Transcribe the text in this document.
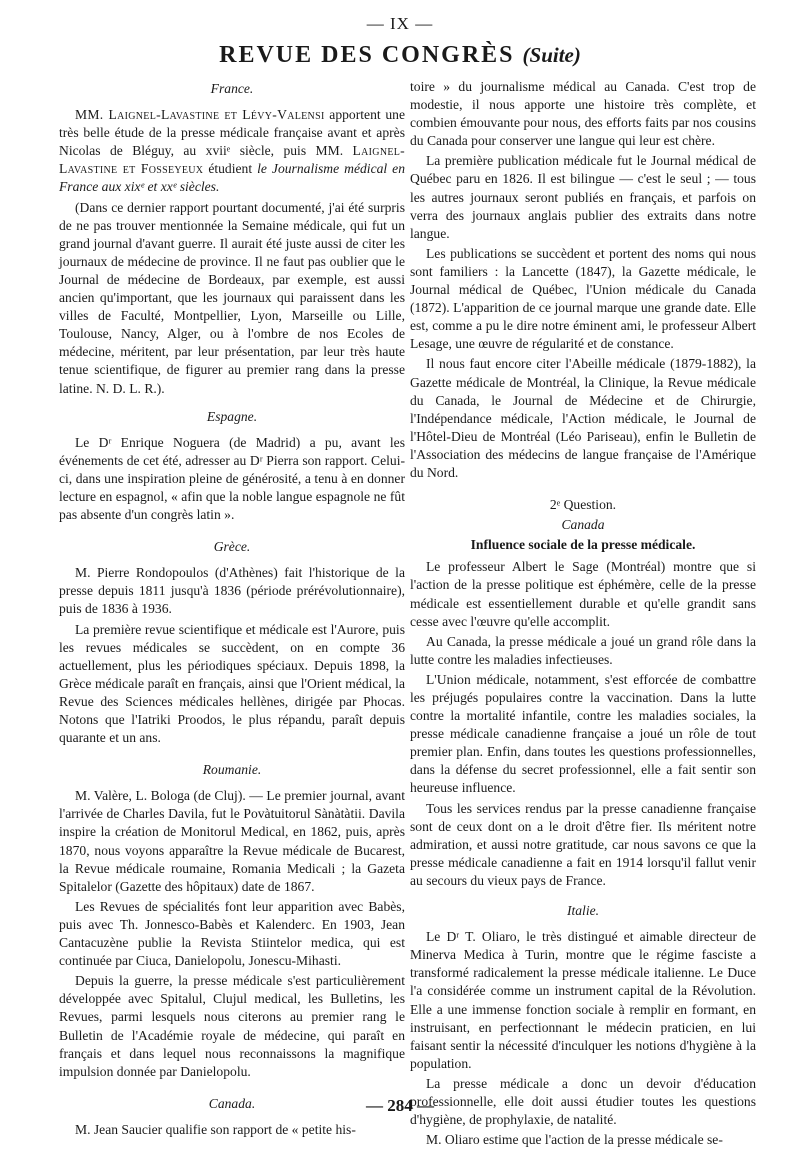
— IX —
REVUE DES CONGRÈS (Suite)
France.

MM. Laignel-Lavastine et Lévy-Valensi apportent une très belle étude de la presse médicale française avant et après Nicolas de Bléguy, au xviiᵉ siècle, puis MM. Laignel-Lavastine et Fosseyeux étudient le Journalisme médical en France aux xixᵉ et xxᵉ siècles.

(Dans ce dernier rapport pourtant documenté, j'ai été surpris de ne pas trouver mentionnée la Semaine médicale, qui fut un grand journal d'avant guerre. Il aurait été juste aussi de citer les journaux de médecine de province. Il ne faut pas oublier que le Journal de médecine de Bordeaux, par exemple, est aussi ancien qu'important, que les journaux qui paraissent dans les villes de Faculté, Montpellier, Lyon, Marseille ou Lille, Toulouse, Nancy, Alger, ou à l'ombre de nos Ecoles de médecine, méritent, par leur présentation, par leur très haute tenue scientifique, de figurer au premier rang dans la presse latine. N. D. L. R.).

Espagne.

Le Dʳ Enrique Noguera (de Madrid) a pu, avant les événements de cet été, adresser au Dʳ Pierra son rapport. Celui-ci, dans une inspiration pleine de générosité, a tenu à en donner lecture en espagnol, « afin que la noble langue espagnole ne fût pas absente d'un congrès latin ».

Grèce.

M. Pierre Rondopoulos (d'Athènes) fait l'historique de la presse depuis 1811 jusqu'à 1836 (période prérévolutionnaire), puis de 1836 à 1936.

La première revue scientifique et médicale est l'Aurore, puis les revues médicales se succèdent, on en compte 36 actuellement, plus les périodiques spéciaux. Depuis 1898, la Grèce médicale paraît en français, ainsi que l'Orient médical, la Revue des Sciences médicales hellènes, dirigée par Phocas. Notons que l'Iatriki Proodos, le plus répandu, paraît depuis quarante et un ans.

Roumanie.

M. Valère, L. Bologa (de Cluj). — Le premier journal, avant l'arrivée de Charles Davila, fut le Povàtuitorul Sànàtàtii. Davila inspire la création de Monitorul Medical, en 1862, puis, après 1870, nous voyons apparaître la Revue médicale de Bucarest, la Revue médicale roumaine, Romania Medicali ; la Gazeta Spitalelor (Gazette des hôpitaux) date de 1867.

Les Revues de spécialités font leur apparition avec Babès, puis avec Th. Jonnesco-Babès et Kalenderc. En 1903, Jean Cantacuzène publie la Revista Stiintelor medica, qui est continuée par Ciuca, Danielopolu, Jonescu-Mihasti.

Depuis la guerre, la presse médicale s'est particulièrement développée avec Spitalul, Clujul medical, les Bulletins, les Revues, parmi lesquels nous citerons au premier rang le Bulletin de l'Académie royale de médecine, qui paraît en français et dans lequel nous reconnaissons la magnifique impulsion donnée par Danielopolu.

Canada.

M. Jean Saucier qualifie son rapport de « petite his-

toire » du journalisme médical au Canada. C'est trop de modestie, il nous apporte une histoire très complète, et combien émouvante pour nous, des efforts faits par nos cousins du Canada pour conserver une langue qui leur est chère.

La première publication médicale fut le Journal médical de Québec paru en 1826. Il est bilingue — c'est le seul ; — tous les autres journaux seront publiés en français, et parfois on verra des journaux anglais publier des extraits dans notre langue.

Les publications se succèdent et portent des noms qui nous sont familiers : la Lancette (1847), la Gazette médicale, le Journal médical de Québec, l'Union médicale du Canada (1872). L'apparition de ce journal marque une grande date. Elle est, comme a pu le dire notre éminent ami, le professeur Albert Lesage, une œuvre de régularité et de constance.

Il nous faut encore citer l'Abeille médicale (1879-1882), la Gazette médicale de Montréal, la Clinique, la Revue médicale du Canada, le Journal de Médecine et de Chirurgie, l'Indépendance médicale, l'Action médicale, le Journal de l'Hôtel-Dieu de Montréal (Léo Pariseau), enfin le Bulletin de l'Association des médecins de langue française de l'Amérique du Nord.

2ᵉ Question.
Canada
Influence sociale de la presse médicale.

Le professeur Albert le Sage (Montréal) montre que si l'action de la presse politique est éphémère, celle de la presse médicale est essentiellement durable et qu'elle grandit sans cesse avec l'œuvre qu'elle accomplit.

Au Canada, la presse médicale a joué un grand rôle dans la lutte contre les maladies infectieuses.

L'Union médicale, notamment, s'est efforcée de combattre les préjugés populaires contre la vaccination. Dans la lutte contre la mortalité infantile, contre les maladies sociales, la presse médicale canadienne française a joué un rôle de tout premier plan. Enfin, dans toutes les questions professionnelles, dans la défense du secret professionnel, elle a fait sentir son heureuse influence.

Tous les services rendus par la presse canadienne française sont de ceux dont on a le droit d'être fier. Ils méritent notre admiration, et aussi notre gratitude, car nous savons ce que la presse médicale canadienne a fait en 1914 lorsqu'il fallut venir au secours du vieux pays de France.

Italie.

Le Dʳ T. Oliaro, le très distingué et aimable directeur de Minerva Medica à Turin, montre que le régime fasciste a transformé radicalement la presse médicale italienne. Le Duce l'a considérée comme un instrument capital de la Révolution. Elle a une immense fonction sociale à remplir en formant, en instruisant, en perfectionnant le médecin praticien, en lui faisant sentir la nécessité d'inculquer les notions d'hygiène à la population.

La presse médicale a donc un devoir d'éducation professionnelle, elle doit aussi étudier toutes les questions d'hygiène, de prophylaxie, de natalité.

M. Oliaro estime que l'action de la presse médicale se-

— 284 —
